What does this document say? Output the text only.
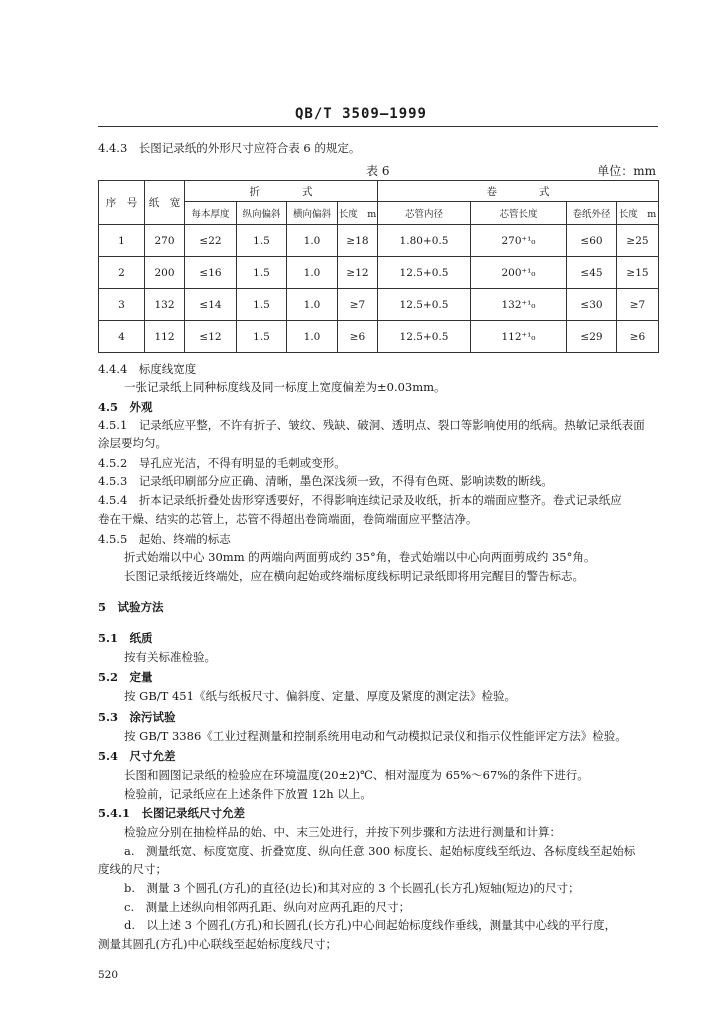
QB/T 3509—1999
4.4.3　 长图记录纸的外形尺寸应符合表 6 的规定。
表 6	单位：mm
序　号	纸　宽	折　　　　式				卷　　　　式			
		每本厚度	纵向偏斜	横向偏斜	长度　m	芯管内径	芯管长度	卷纸外径	长度　m
1	270	≤22	1.5	1.0	≥18	1.80+0.5	270⁺¹₀	≤60	≥25
2	200	≤16	1.5	1.0	≥12	12.5+0.5	200⁺¹₀	≤45	≥15
3	132	≤14	1.5	1.0	≥7	12.5+0.5	132⁺¹₀	≤30	≥7
4	112	≤12	1.5	1.0	≥6	12.5+0.5	112⁺¹₀	≤29	≥6
4.4.4　标度线宽度
一张记录纸上同种标度线及同一标度上宽度偏差为±0.03mm。
4.5　外观
4.5.1　记录纸应平整，不许有折子、皱纹、残缺、破洞、透明点、裂口等影响使用的纸病。热敏记录纸表面
涂层要均匀。
4.5.2　导孔应光洁，不得有明显的毛刺或变形。
4.5.3　记录纸印刷部分应正确、清晰，墨色深浅须一致，不得有色斑、影响读数的断线。
4.5.4　折本记录纸折叠处齿形穿透要好，不得影响连续记录及收纸，折本的端面应整齐。卷式记录纸应
卷在干燥、结实的芯管上，芯管不得超出卷筒端面，卷筒端面应平整洁净。
4.5.5　起始、终端的标志
折式始端以中心 30mm 的两端向两面剪成约 35°角，卷式始端以中心向两面剪成约 35°角。
长图记录纸接近终端处，应在横向起始或终端标度线标明记录纸即将用完醒目的警告标志。
5　试验方法
5.1　纸质
按有关标准检验。
5.2　定量
按 GB/T 451《纸与纸板尺寸、偏斜度、定量、厚度及紧度的测定法》检验。
5.3　涂污试验
按 GB/T 3386《工业过程测量和控制系统用电动和气动模拟记录仪和指示仪性能评定方法》检验。
5.4　尺寸允差
长图和圆图记录纸的检验应在环境温度(20±2)℃、相对湿度为 65%～67%的条件下进行。
检验前，记录纸应在上述条件下放置 12h 以上。
5.4.1　长图记录纸尺寸允差
检验应分别在抽检样品的始、中、末三处进行，并按下列步骤和方法进行测量和计算：
a.　测量纸宽、标度宽度、折叠宽度、纵向任意 300 标度长、起始标度线至纸边、各标度线至起始标
度线的尺寸；
b.　测量 3 个圆孔(方孔)的直径(边长)和其对应的 3 个长圆孔(长方孔)短轴(短边)的尺寸；
c.　测量上述纵向相邻两孔距、纵向对应两孔距的尺寸；
d.　以上述 3 个圆孔(方孔)和长圆孔(长方孔)中心间起始标度线作垂线，测量其中心线的平行度，
测量其圆孔(方孔)中心联线至起始标度线尺寸；
520
